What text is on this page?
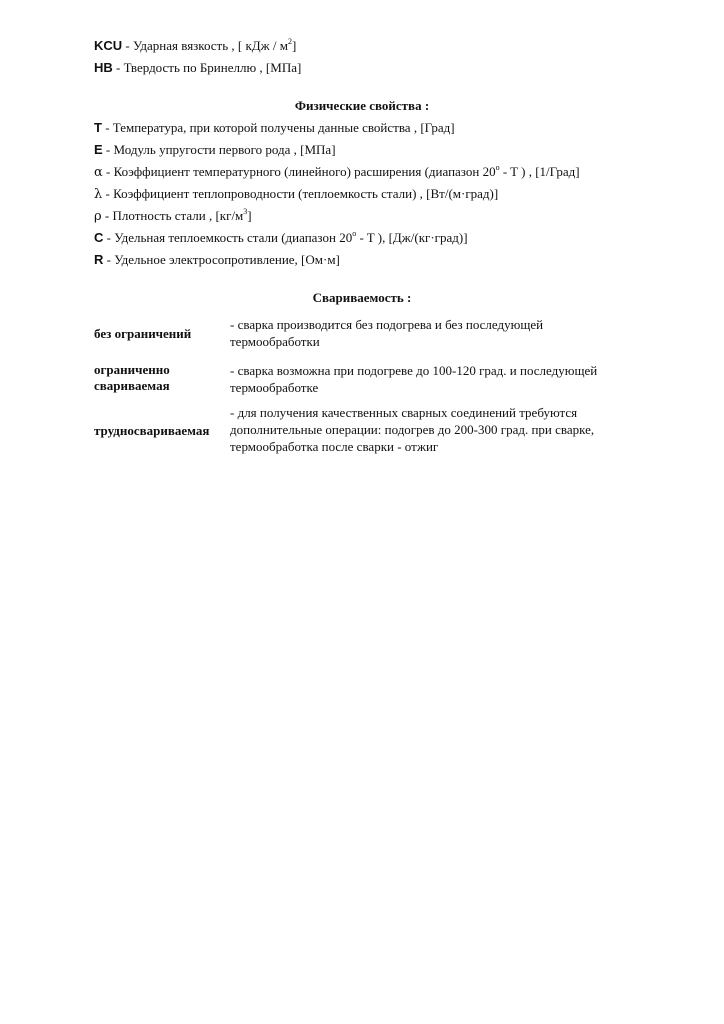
KCU - Ударная вязкость , [ кДж / $м^2$]
HB - Твердость по Бринеллю , [МПа]
Физические свойства :
T - Температура, при которой получены данные свойства , [Град]
E - Модуль упругости первого рода , [МПа]
α - Коэффициент температурного (линейного) расширения (диапазон 20$^o$ - T ) , [1/Град]
λ - Коэффициент теплопроводности (теплоемкость стали) , [Вт/(м·град)]
ρ - Плотность стали , $[кг/м^3]$
C - Удельная теплоемкость стали (диапазон 20$^o$ - T ), [Дж/(кг·град)]
R - Удельное электросопротивление, [Ом·м]
Свариваемость :
без ограничений
- сварка производится без подогрева и без последующей термообработки
ограниченно свариваемая
- сварка возможна при подогреве до 100-120 град. и последующей термообработке
трудносвариваемая
- для получения качественных сварных соединений требуются дополнительные операции: подогрев до 200-300 град. при сварке, термообработка после сварки - отжиг
